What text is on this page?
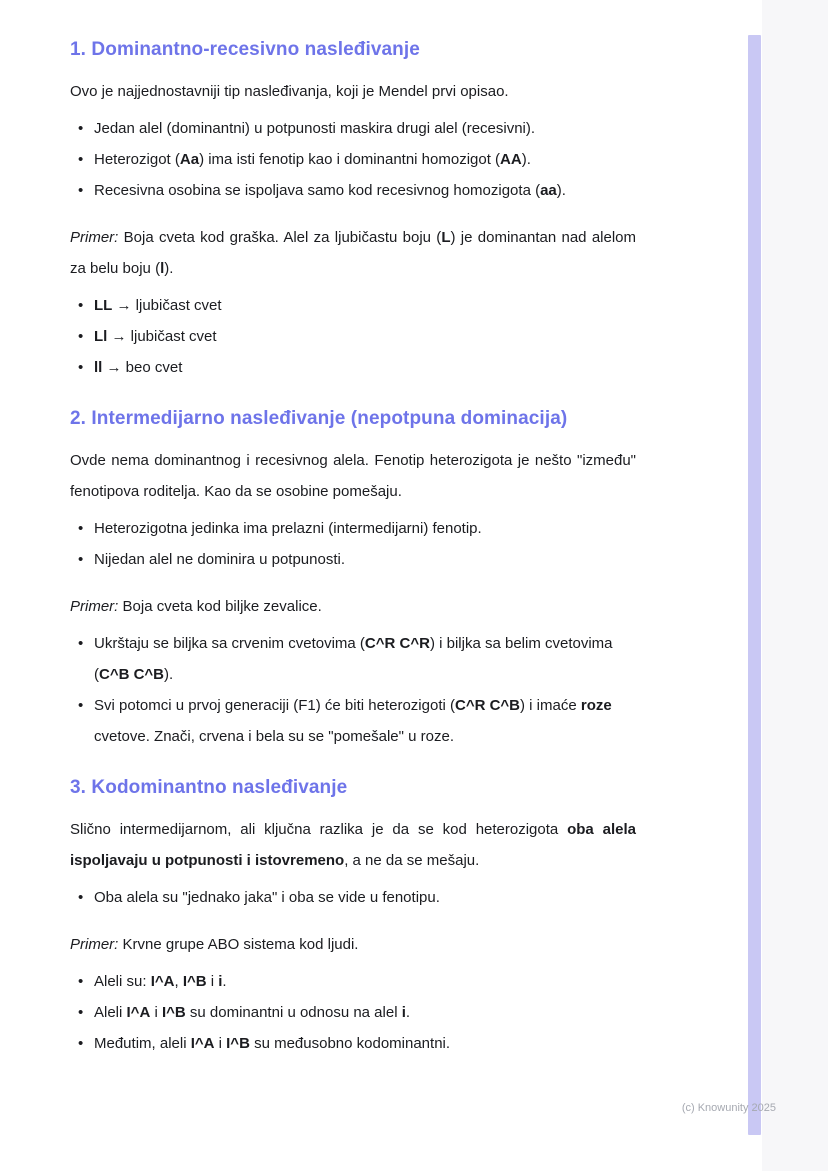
1. Dominantno-recesivno nasleđivanje

Ovo je najjednostavniji tip nasleđivanja, koji je Mendel prvi opisao.

• Jedan alel (dominantni) u potpunosti maskira drugi alel (recesivni).
• Heterozigot (Aa) ima isti fenotip kao i dominantni homozigot (AA).
• Recesivna osobina se ispoljava samo kod recesivnog homozigota (aa).

Primer: Boja cveta kod graška. Alel za ljubičastu boju (L) je dominantan nad alelom za belu boju (l).

• LL → ljubičast cvet
• Ll → ljubičast cvet
• ll → beo cvet
2. Intermedijarno nasleđivanje (nepotpuna dominacija)

Ovde nema dominantnog i recesivnog alela. Fenotip heterozigota je nešto "između" fenotipova roditelja. Kao da se osobine pomešaju.

• Heterozigotna jedinka ima prelazni (intermedijarni) fenotip.
• Nijedan alel ne dominira u potpunosti.

Primer: Boja cveta kod biljke zevalice.

• Ukrštaju se biljka sa crvenim cvetovima (C^R C^R) i biljka sa belim cvetovima (C^B C^B).
• Svi potomci u prvoj generaciji (F1) će biti heterozigoti (C^R C^B) i imaće roze cvetove. Znači, crvena i bela su se "pomešale" u roze.
3. Kodominantno nasleđivanje

Slično intermedijarnom, ali ključna razlika je da se kod heterozigota oba alela ispoljavaju u potpunosti i istovremeno, a ne da se mešaju.

• Oba alela su "jednako jaka" i oba se vide u fenotipu.

Primer: Krvne grupe ABO sistema kod ljudi.

• Aleli su: I^A, I^B i i.
• Aleli I^A i I^B su dominantni u odnosu na alel i.
• Međutim, aleli I^A i I^B su međusobno kodominantni.
(c) Knowunity 2025
